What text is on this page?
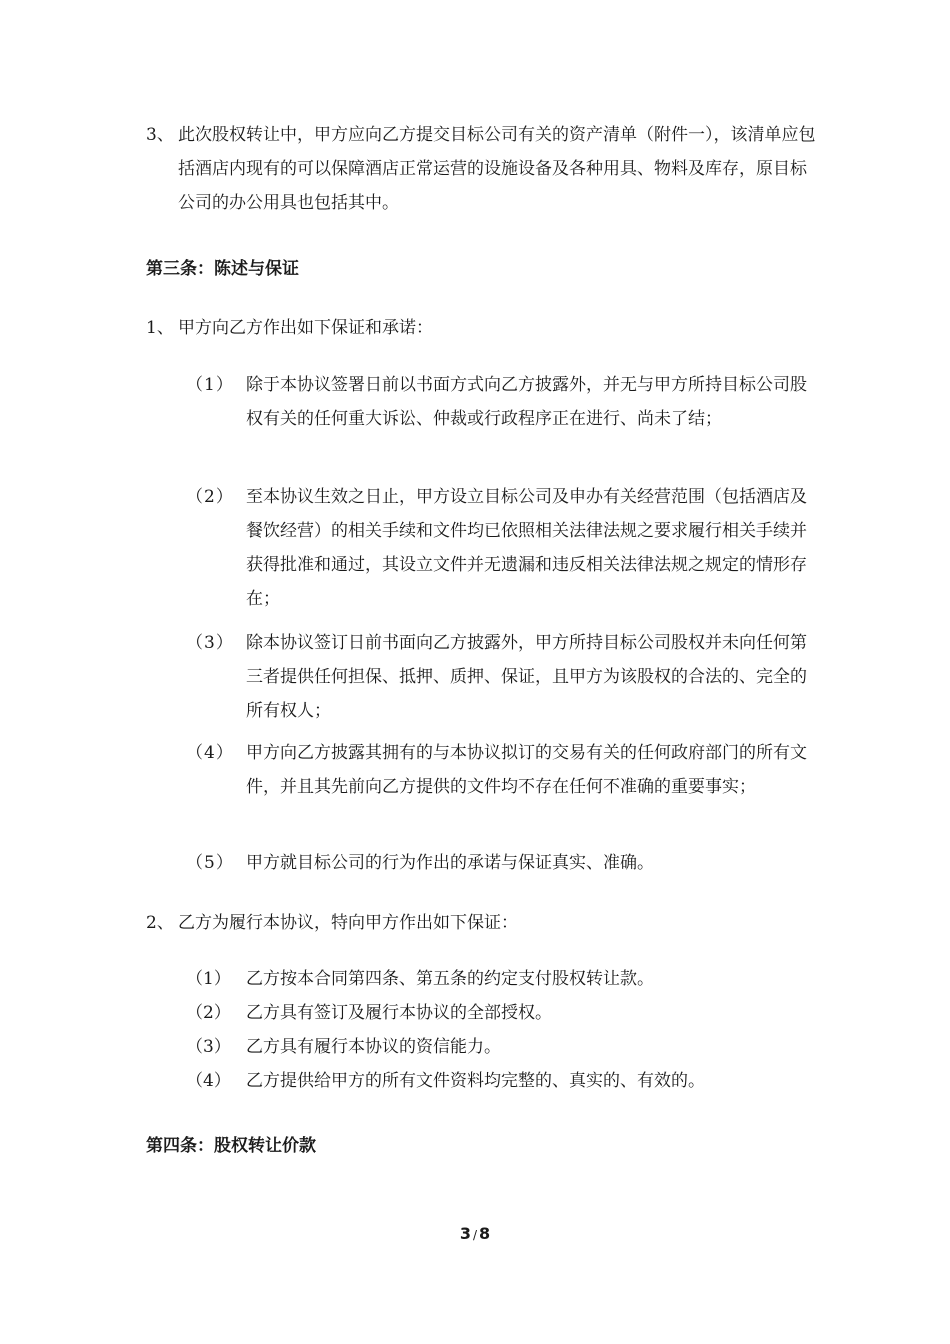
3、 此次股权转让中，甲方应向乙方提交目标公司有关的资产清单（附件一），该清单应包括酒店内现有的可以保障酒店正常运营的设施设备及各种用具、物料及库存，原目标公司的办公用具也包括其中。
第三条：陈述与保证
1、 甲方向乙方作出如下保证和承诺：
（1） 除于本协议签署日前以书面方式向乙方披露外，并无与甲方所持目标公司股权有关的任何重大诉讼、仲裁或行政程序正在进行、尚未了结；
（2） 至本协议生效之日止，甲方设立目标公司及申办有关经营范围（包括酒店及餐饮经营）的相关手续和文件均已依照相关法律法规之要求履行相关手续并获得批准和通过，其设立文件并无遗漏和违反相关法律法规之规定的情形存在；
（3） 除本协议签订日前书面向乙方披露外，甲方所持目标公司股权并未向任何第三者提供任何担保、抵押、质押、保证，且甲方为该股权的合法的、完全的所有权人；
（4） 甲方向乙方披露其拥有的与本协议拟订的交易有关的任何政府部门的所有文件，并且其先前向乙方提供的文件均不存在任何不准确的重要事实；
（5） 甲方就目标公司的行为作出的承诺与保证真实、准确。
2、 乙方为履行本协议，特向甲方作出如下保证：
（1） 乙方按本合同第四条、第五条的约定支付股权转让款。
（2） 乙方具有签订及履行本协议的全部授权。
（3） 乙方具有履行本协议的资信能力。
（4） 乙方提供给甲方的所有文件资料均完整的、真实的、有效的。
第四条：股权转让价款
3 / 8
